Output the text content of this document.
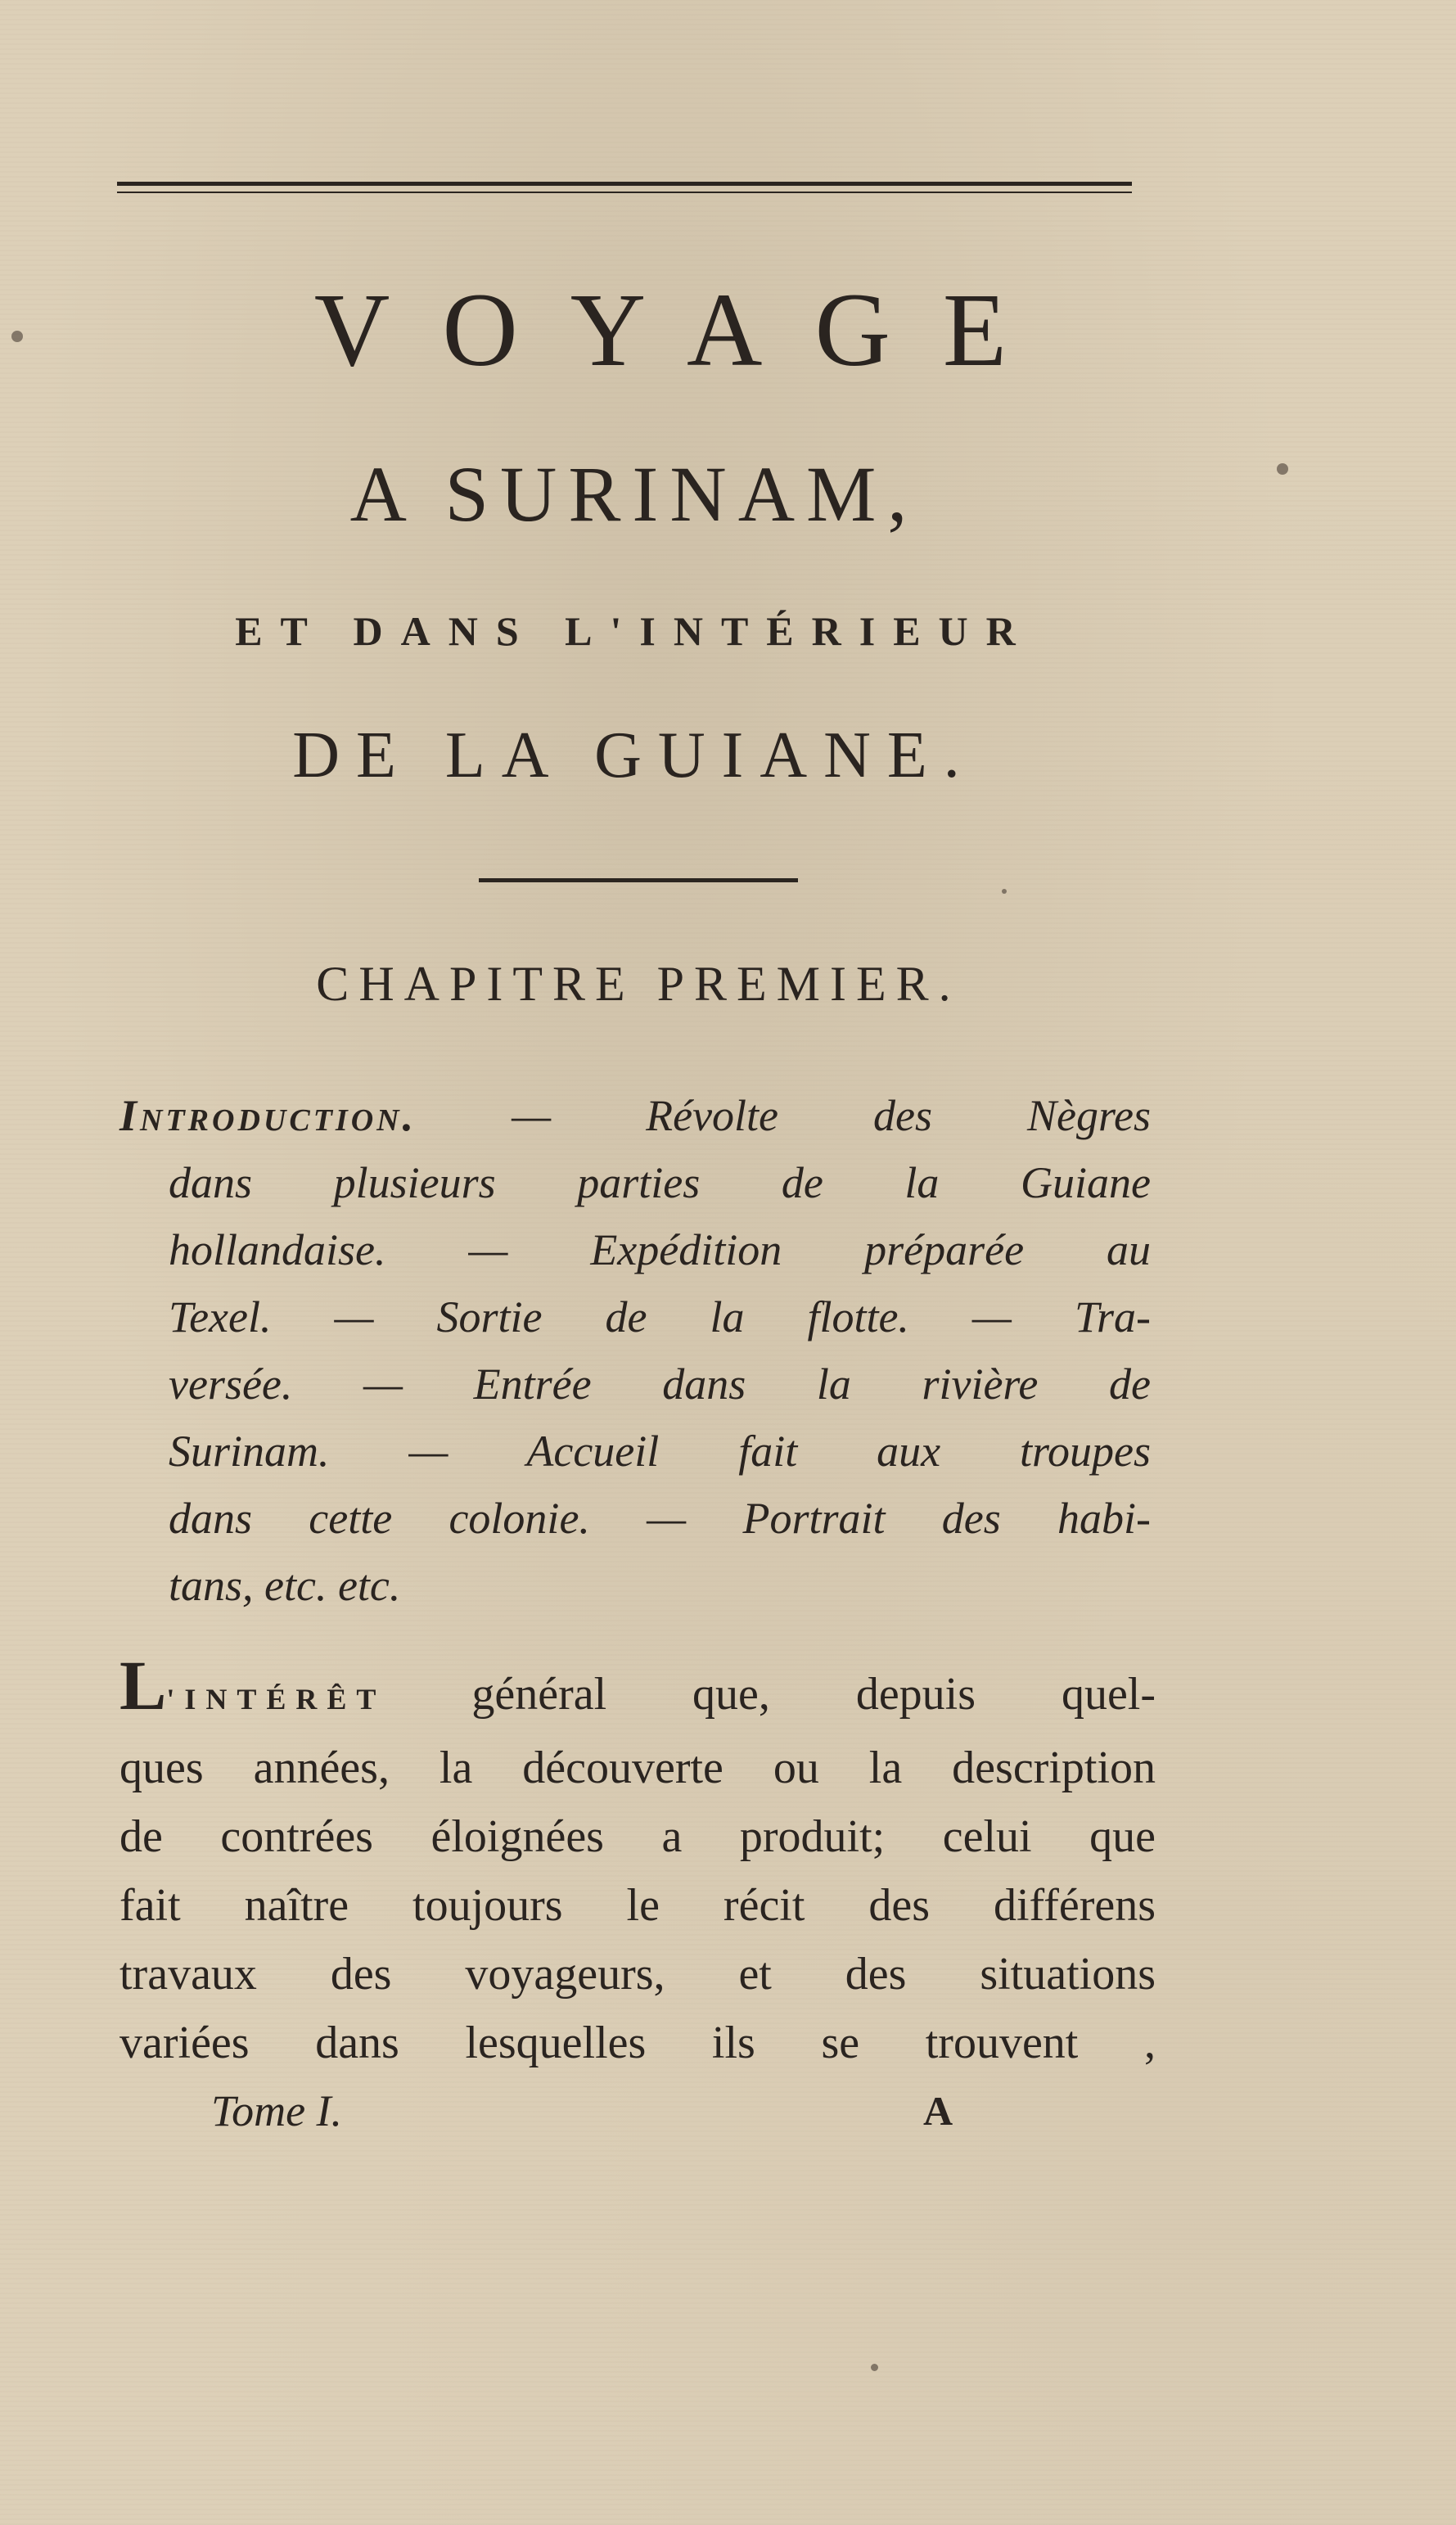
VOYAGE
A SURINAM,
ET DANS L'INTÉRIEUR
DE LA GUIANE.
CHAPITRE PREMIER.
Introduction. — Révolte des Nègres
dans plusieurs parties de la Guiane
hollandaise. — Expédition préparée au
Texel. — Sortie de la flotte. — Tra-
versée. — Entrée dans la rivière de
Surinam. — Accueil fait aux troupes
dans cette colonie. — Portrait des habi-
tans, etc. etc.
L'INTÉRÊT général que, depuis quel-
ques années, la découverte ou la description
de contrées éloignées a produit; celui que
fait naître toujours le récit des différens
travaux des voyageurs, et des situations
variées dans lesquelles ils se trouvent ,
Tome I.	A
